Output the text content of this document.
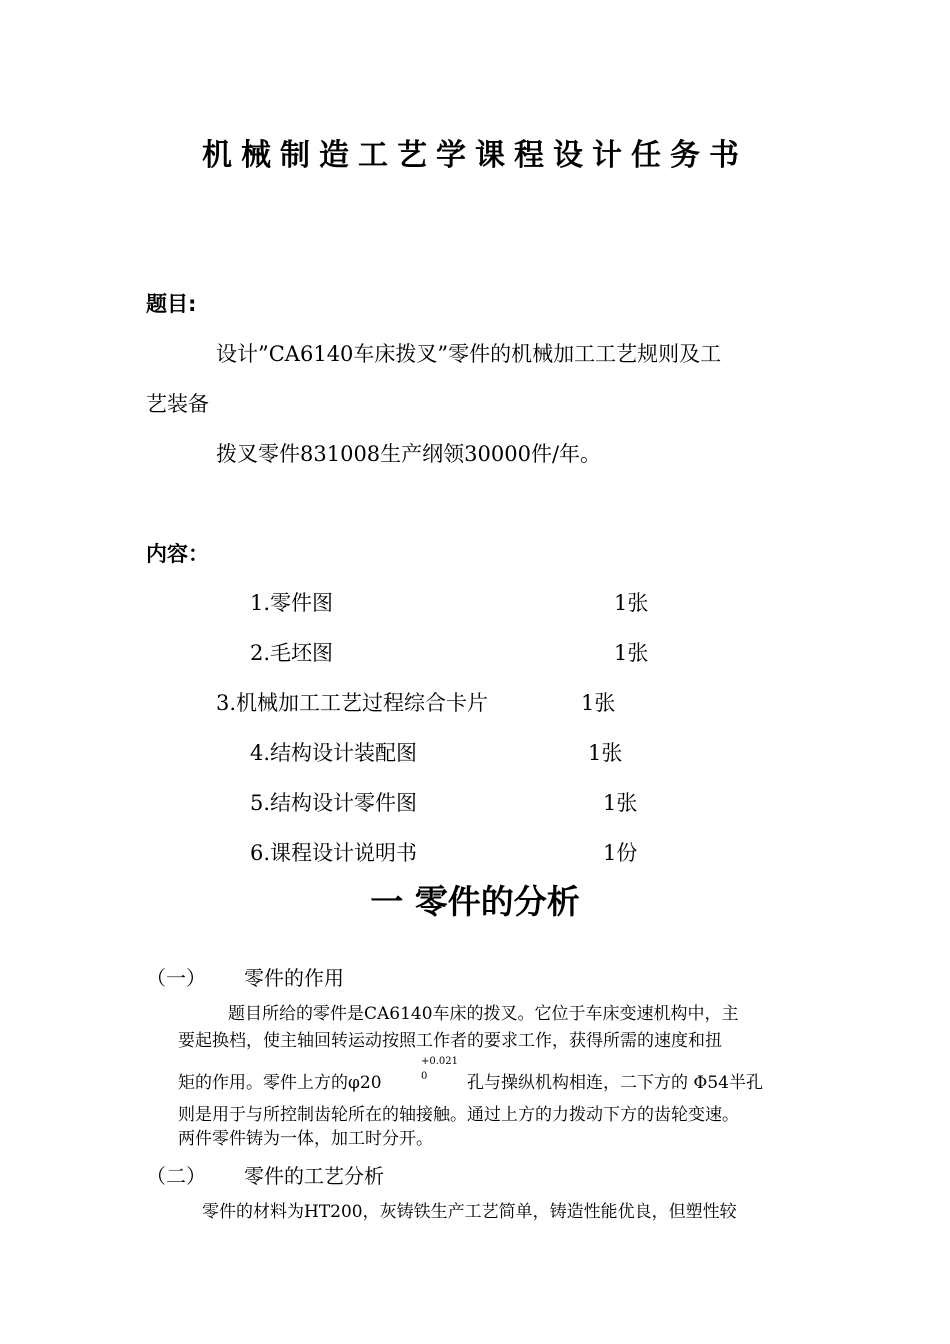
机械制造工艺学课程设计任务书
题目:
设计”CA6140车床拨叉”零件的机械加工工艺规则及工
艺装备
拨叉零件831008生产纲领30000件/年。
内容：
1.零件图	1张
2.毛坯图	1张
3.机械加工工艺过程综合卡片	1张
4.结构设计装配图	1张
5.结构设计零件图	1张
6.课程设计说明书	1份
一 零件的分析
（一） 零件的作用
题目所给的零件是CA6140车床的拨叉。它位于车床变速机构中，主
要起换档，使主轴回转运动按照工作者的要求工作，获得所需的速度和扭
矩的作用。零件上方的φ20
+0.021
0 孔与操纵机构相连，二下方的 Φ54半孔
则是用于与所控制齿轮所在的轴接触。通过上方的力拨动下方的齿轮变速。
两件零件铸为一体，加工时分开。
（二） 零件的工艺分析
零件的材料为HT200，灰铸铁生产工艺简单，铸造性能优良，但塑性较
